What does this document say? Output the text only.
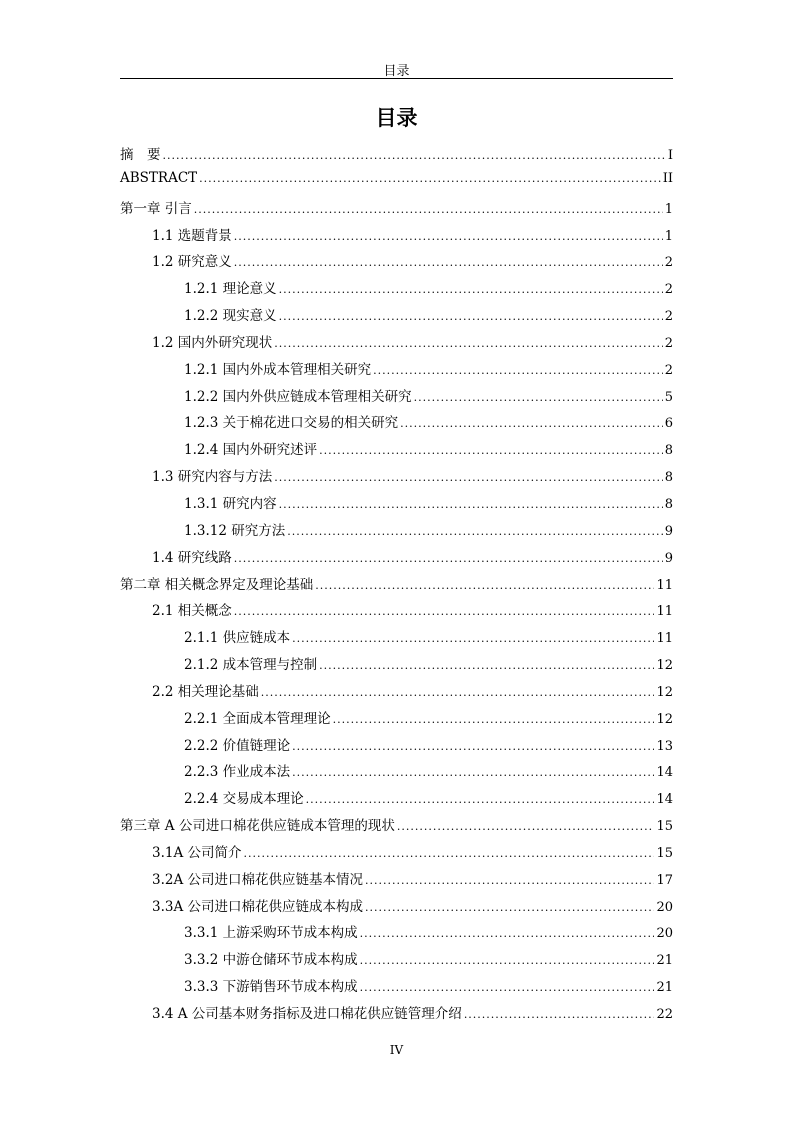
目录
目录
摘　要 .....	I
ABSTRACT .....	II
第一章 引言 .....	1
1.1 选题背景 .....	1
1.2 研究意义 .....	2
1.2.1 理论意义 .....	2
1.2.2 现实意义 .....	2
1.2 国内外研究现状 .....	2
1.2.1 国内外成本管理相关研究 .....	2
1.2.2 国内外供应链成本管理相关研究 .....	5
1.2.3 关于棉花进口交易的相关研究 .....	6
1.2.4 国内外研究述评 .....	8
1.3 研究内容与方法 .....	8
1.3.1 研究内容 .....	8
1.3.12 研究方法 .....	9
1.4 研究线路 .....	9
第二章 相关概念界定及理论基础 .....	11
2.1 相关概念 .....	11
2.1.1 供应链成本 .....	11
2.1.2 成本管理与控制 .....	12
2.2 相关理论基础 .....	12
2.2.1 全面成本管理理论 .....	12
2.2.2 价值链理论 .....	13
2.2.3 作业成本法 .....	14
2.2.4 交易成本理论 .....	14
第三章 A 公司进口棉花供应链成本管理的现状 .....	15
3.1A 公司简介 .....	15
3.2A 公司进口棉花供应链基本情况 .....	17
3.3A 公司进口棉花供应链成本构成 .....	20
3.3.1 上游采购环节成本构成 .....	20
3.3.2 中游仓储环节成本构成 .....	21
3.3.3 下游销售环节成本构成 .....	21
3.4 A 公司基本财务指标及进口棉花供应链管理介绍 .....	22
IV
